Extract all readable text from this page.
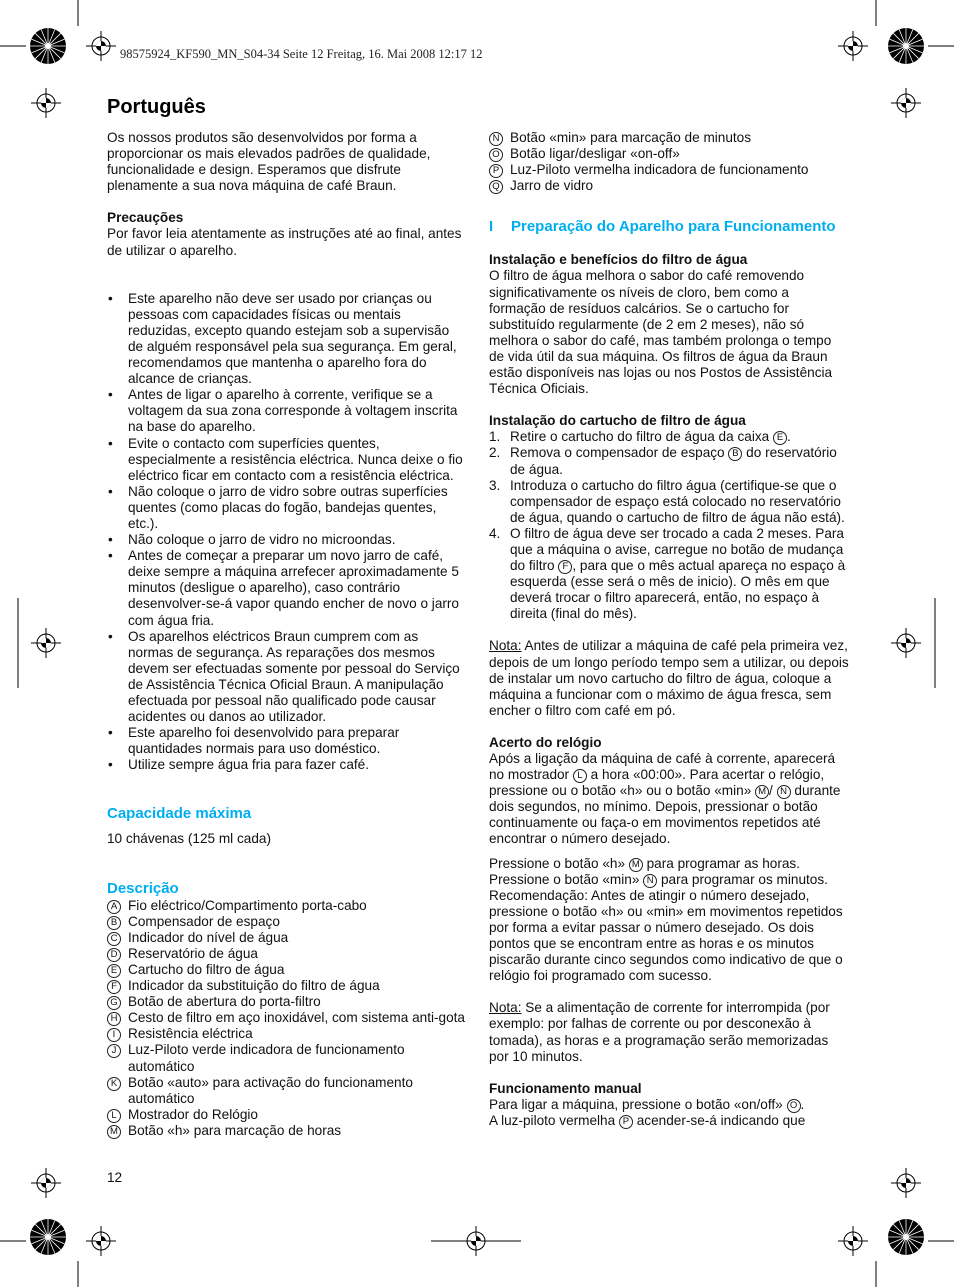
98575924_KF590_MN_S04-34 Seite 12 Freitag, 16. Mai 2008 12:17 12
Português

Os nossos produtos são desenvolvidos por forma a proporcionar os mais elevados padrões de qualidade, funcionalidade e design. Esperamos que disfrute plenamente a sua nova máquina de café Braun.

Precauções

Por favor leia atentamente as instruções até ao final, antes de utilizar o aparelho.

• Este aparelho não deve ser usado por crianças ou pessoas com capacidades físicas ou mentais reduzidas, excepto quando estejam sob a supervisão de alguém responsável pela sua segurança. Em geral, recomendamos que mantenha o aparelho fora do alcance de crianças.
• Antes de ligar o aparelho à corrente, verifique se a voltagem da sua zona corresponde à voltagem inscrita na base do aparelho.
• Evite o contacto com superfícies quentes, especialmente a resistência eléctrica. Nunca deixe o fio eléctrico ficar em contacto com a resistência eléctrica.
• Não coloque o jarro de vidro sobre outras superfícies quentes (como placas do fogão, bandejas quentes, etc.).
• Não coloque o jarro de vidro no microondas.
• Antes de começar a preparar um novo jarro de café, deixe sempre a máquina arrefecer aproximadamente 5 minutos (desligue o aparelho), caso contrário desenvolver-se-á vapor quando encher de novo o jarro com água fria.
• Os aparelhos eléctricos Braun cumprem com as normas de segurança. As reparações dos mesmos devem ser efectuadas somente por pessoal do Serviço de Assistência Técnica Oficial Braun. A manipulação efectuada por pessoal não qualificado pode causar acidentes ou danos ao utilizador.
• Este aparelho foi desenvolvido para preparar quantidades normais para uso doméstico.
• Utilize sempre água fria para fazer café.
Capacidade máxima

10 chávenas (125 ml cada)

Descrição
A Fio eléctrico/Compartimento porta-cabo
B Compensador de espaço
C Indicador do nível de água
D Reservatório de água
E Cartucho do filtro de água
F Indicador da substituição do filtro de água
G Botão de abertura do porta-filtro
H Cesto de filtro em aço inoxidável, com sistema anti-gota
I Resistência eléctrica
J Luz-Piloto verde indicadora de funcionamento automático
K Botão «auto» para activação do funcionamento automático
L Mostrador do Relógio
M Botão «h» para marcação de horas
N Botão «min» para marcação de minutos
O Botão ligar/desligar «on-off»
P Luz-Piloto vermelha indicadora de funcionamento
Q Jarro de vidro
I	Preparação do Aparelho para Funcionamento

Instalação e benefícios do filtro de água

O filtro de água melhora o sabor do café removendo significativamente os níveis de cloro, bem como a formação de resíduos calcários. Se o cartucho for substituído regularmente (de 2 em 2 meses), não só melhora o sabor do café, mas também prolonga o tempo de vida útil da sua máquina. Os filtros de água da Braun estão disponíveis nas lojas ou nos Postos de Assistência Técnica Oficiais.

Instalação do cartucho de filtro de água

1. Retire o cartucho do filtro de água da caixa E .
2. Remova o compensador de espaço B do reservatório de água.
3. Introduza o cartucho do filtro água (certifique-se que o compensador de espaço está colocado no reservatório de água, quando o cartucho de filtro de água não está).
4. O filtro de água deve ser trocado a cada 2 meses. Para que a máquina o avise, carregue no botão de mudança do filtro F , para que o mês actual apareça no espaço à esquerda (esse será o mês de inicio). O mês em que deverá trocar o filtro aparecerá, então, no espaço à direita (final do mês).

Nota: Antes de utilizar a máquina de café pela primeira vez, depois de um longo período tempo sem a utilizar, ou depois de instalar um novo cartucho do filtro de água, coloque a máquina a funcionar com o máximo de água fresca, sem encher o filtro com café em pó.

Acerto do relógio

Após a ligação da máquina de café à corrente, aparecerá no mostrador L a hora «00:00». Para acertar o relógio, pressione ou o botão «h» ou o botão «min» M / N durante dois segundos, no mínimo. Depois, pressionar o botão continuamente ou faça-o em movimentos repetidos até encontrar o número desejado.

Pressione o botão «h» M para programar as horas.

Pressione o botão «min» N para programar os minutos.

Recomendação: Antes de atingir o número desejado, pressione o botão «h» ou «min» em movimentos repetidos por forma a evitar passar o número desejado. Os dois pontos que se encontram entre as horas e os minutos piscarão durante cinco segundos como indicativo de que o relógio foi programado com sucesso.

Nota: Se a alimentação de corrente for interrompida (por exemplo: por falhas de corrente ou por desconexão à tomada), as horas e a programação serão memorizadas por 10 minutos.

Funcionamento manual

Para ligar a máquina, pressione o botão «on/off» O .

A luz-piloto vermelha P acender-se-á indicando que

12
